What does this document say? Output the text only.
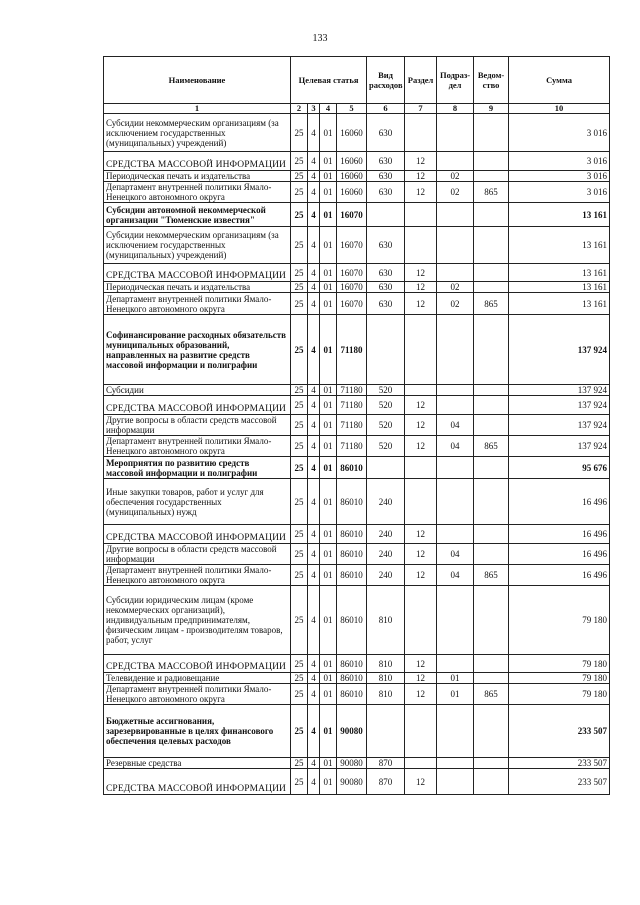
133
Наименование	Целевая статья				Вид расходов	Раздел	Подраз-дел	Ведом-ство	Сумма
1	2	3	4	5	6	7	8	9	10
Субсидии некоммерческим организациям (за исключением государственных (муниципальных) учреждений)	25	4	01	16060	630				3 016
СРЕДСТВА МАССОВОЙ ИНФОРМАЦИИ	25	4	01	16060	630	12			3 016
Периодическая печать и издательства	25	4	01	16060	630	12	02		3 016
Департамент внутренней политики Ямало-Ненецкого автономного округа	25	4	01	16060	630	12	02	865	3 016
Субсидии автономной некоммерческой организации "Тюменские известия"	25	4	01	16070					13 161
Субсидии некоммерческим организациям (за исключением государственных (муниципальных) учреждений)	25	4	01	16070	630				13 161
СРЕДСТВА МАССОВОЙ ИНФОРМАЦИИ	25	4	01	16070	630	12			13 161
Периодическая печать и издательства	25	4	01	16070	630	12	02		13 161
Департамент внутренней политики Ямало-Ненецкого автономного округа	25	4	01	16070	630	12	02	865	13 161
Софинансирование расходных обязательств муниципальных образований, направленных на развитие средств массовой информации и полиграфии	25	4	01	71180					137 924
Субсидии	25	4	01	71180	520				137 924
СРЕДСТВА МАССОВОЙ ИНФОРМАЦИИ	25	4	01	71180	520	12			137 924
Другие вопросы в области средств массовой информации	25	4	01	71180	520	12	04		137 924
Департамент внутренней политики Ямало-Ненецкого автономного округа	25	4	01	71180	520	12	04	865	137 924
Мероприятия по развитию средств массовой информации и полиграфии	25	4	01	86010					95 676
Иные закупки товаров, работ и услуг для обеспечения государственных (муниципальных) нужд	25	4	01	86010	240				16 496
СРЕДСТВА МАССОВОЙ ИНФОРМАЦИИ	25	4	01	86010	240	12			16 496
Другие вопросы в области средств массовой информации	25	4	01	86010	240	12	04		16 496
Департамент внутренней политики Ямало-Ненецкого автономного округа	25	4	01	86010	240	12	04	865	16 496
Субсидии юридическим лицам (кроме некоммерческих организаций), индивидуальным предпринимателям, физическим лицам - производителям товаров, работ, услуг	25	4	01	86010	810				79 180
СРЕДСТВА МАССОВОЙ ИНФОРМАЦИИ	25	4	01	86010	810	12			79 180
Телевидение и радиовещание	25	4	01	86010	810	12	01		79 180
Департамент внутренней политики Ямало-Ненецкого автономного округа	25	4	01	86010	810	12	01	865	79 180
Бюджетные ассигнования, зарезервированные в целях финансового обеспечения целевых расходов	25	4	01	90080					233 507
Резервные средства	25	4	01	90080	870				233 507
СРЕДСТВА МАССОВОЙ ИНФОРМАЦИИ	25	4	01	90080	870	12			233 507
